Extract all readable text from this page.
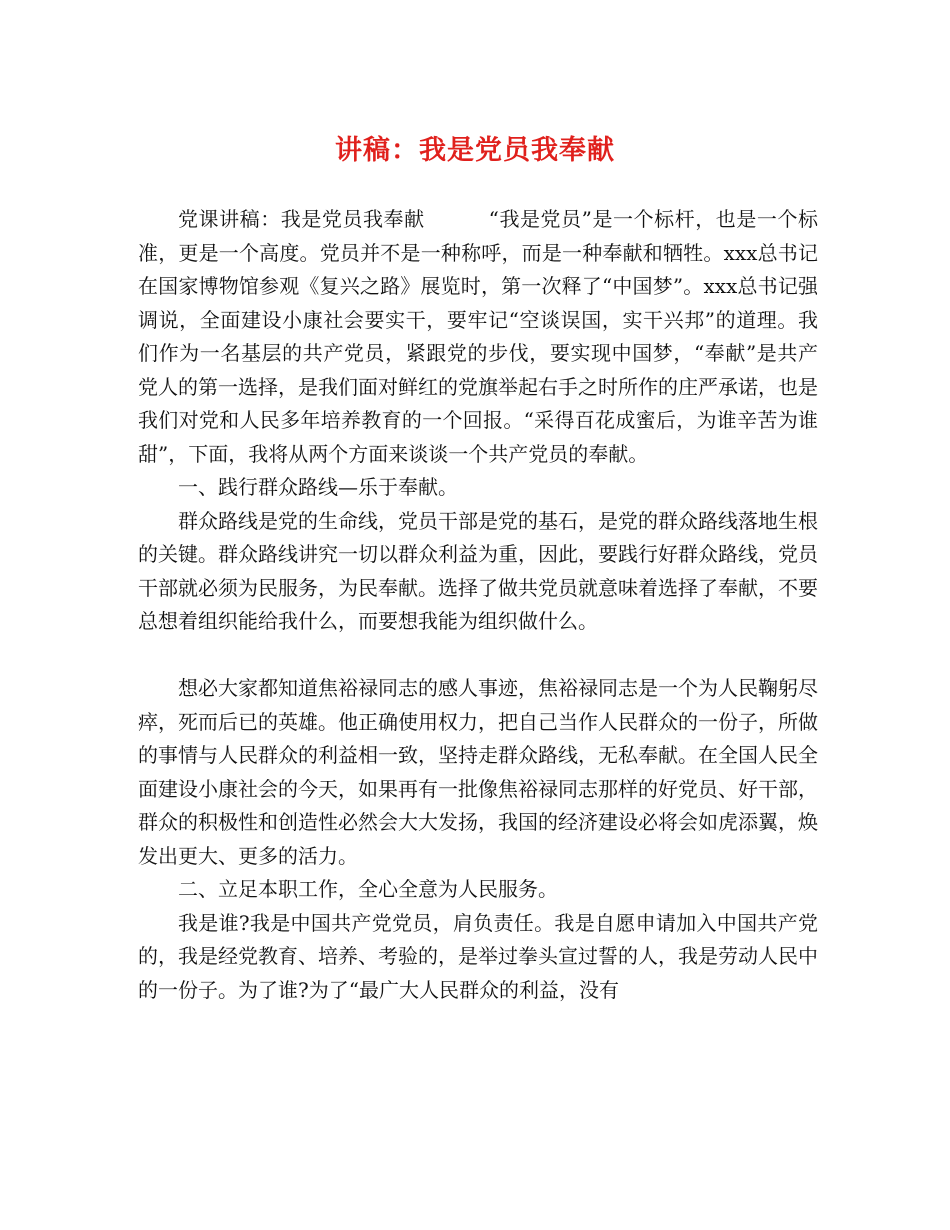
讲稿：我是党员我奉献

党课讲稿：我是党员我奉献	“我是党员”是一个标杆，也是一个标准，更是一个高度。党员并不是一种称呼，而是一种奉献和牺牲。xxx总书记在国家博物馆参观《复兴之路》展览时，第一次释了“中国梦”。xxx总书记强调说，全面建设小康社会要实干，要牢记“空谈误国，实干兴邦”的道理。我们作为一名基层的共产党员，紧跟党的步伐，要实现中国梦，“奉献”是共产党人的第一选择，是我们面对鲜红的党旗举起右手之时所作的庄严承诺，也是我们对党和人民多年培养教育的一个回报。“采得百花成蜜后，为谁辛苦为谁甜”，下面，我将从两个方面来谈谈一个共产党员的奉献。

一、践行群众路线—乐于奉献。

群众路线是党的生命线，党员干部是党的基石，是党的群众路线落地生根的关键。群众路线讲究一切以群众利益为重，因此，要践行好群众路线，党员干部就必须为民服务，为民奉献。选择了做共党员就意味着选择了奉献，不要总想着组织能给我什么，而要想我能为组织做什么。

想必大家都知道焦裕禄同志的感人事迹，焦裕禄同志是一个为人民鞠躬尽瘁，死而后已的英雄。他正确使用权力，把自己当作人民群众的一份子，所做的事情与人民群众的利益相一致，坚持走群众路线，无私奉献。在全国人民全面建设小康社会的今天，如果再有一批像焦裕禄同志那样的好党员、好干部，群众的积极性和创造性必然会大大发扬，我国的经济建设必将会如虎添翼，焕发出更大、更多的活力。

二、立足本职工作，全心全意为人民服务。

我是谁?我是中国共产党党员，肩负责任。我是自愿申请加入中国共产党的，我是经党教育、培养、考验的，是举过拳头宣过誓的人，我是劳动人民中的一份子。为了谁?为了“最广大人民群众的利益，没有
